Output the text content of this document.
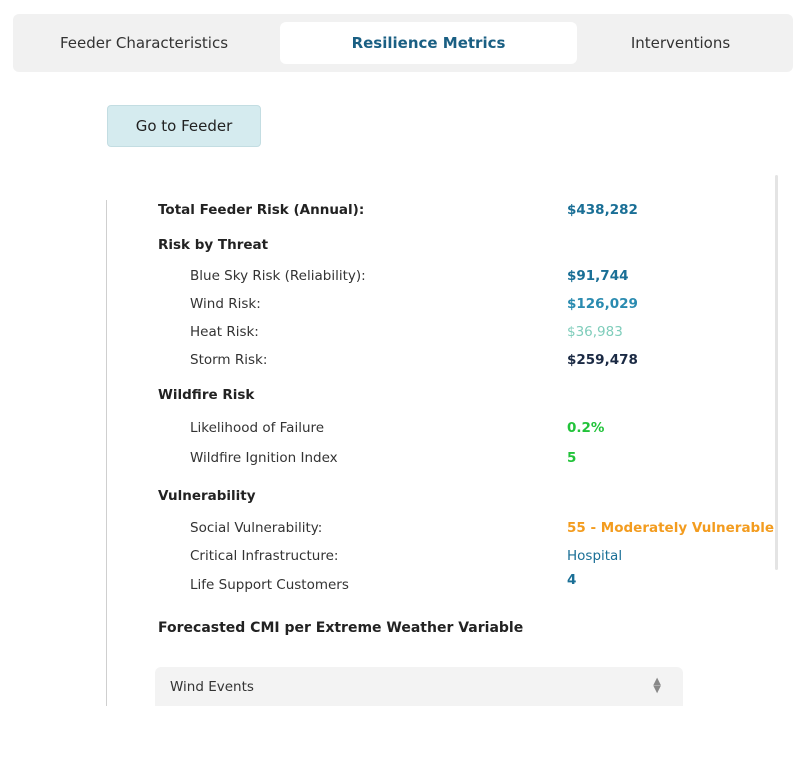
Feeder Characteristics	Resilience Metrics	Interventions
Go to Feeder
Total Feeder Risk (Annual):	$438,282
Risk by Threat
Blue Sky Risk (Reliability):	$91,744
Wind Risk:	$126,029
Heat Risk:	$36,983
Storm Risk:	$259,478
Wildfire Risk
Likelihood of Failure	0.2%
Wildfire Ignition Index	5
Vulnerability
Social Vulnerability:	55 - Moderately Vulnerable
Critical Infrastructure:	Hospital
Life Support Customers	4
Forecasted CMI per Extreme Weather Variable
Wind Events	▲
▼
